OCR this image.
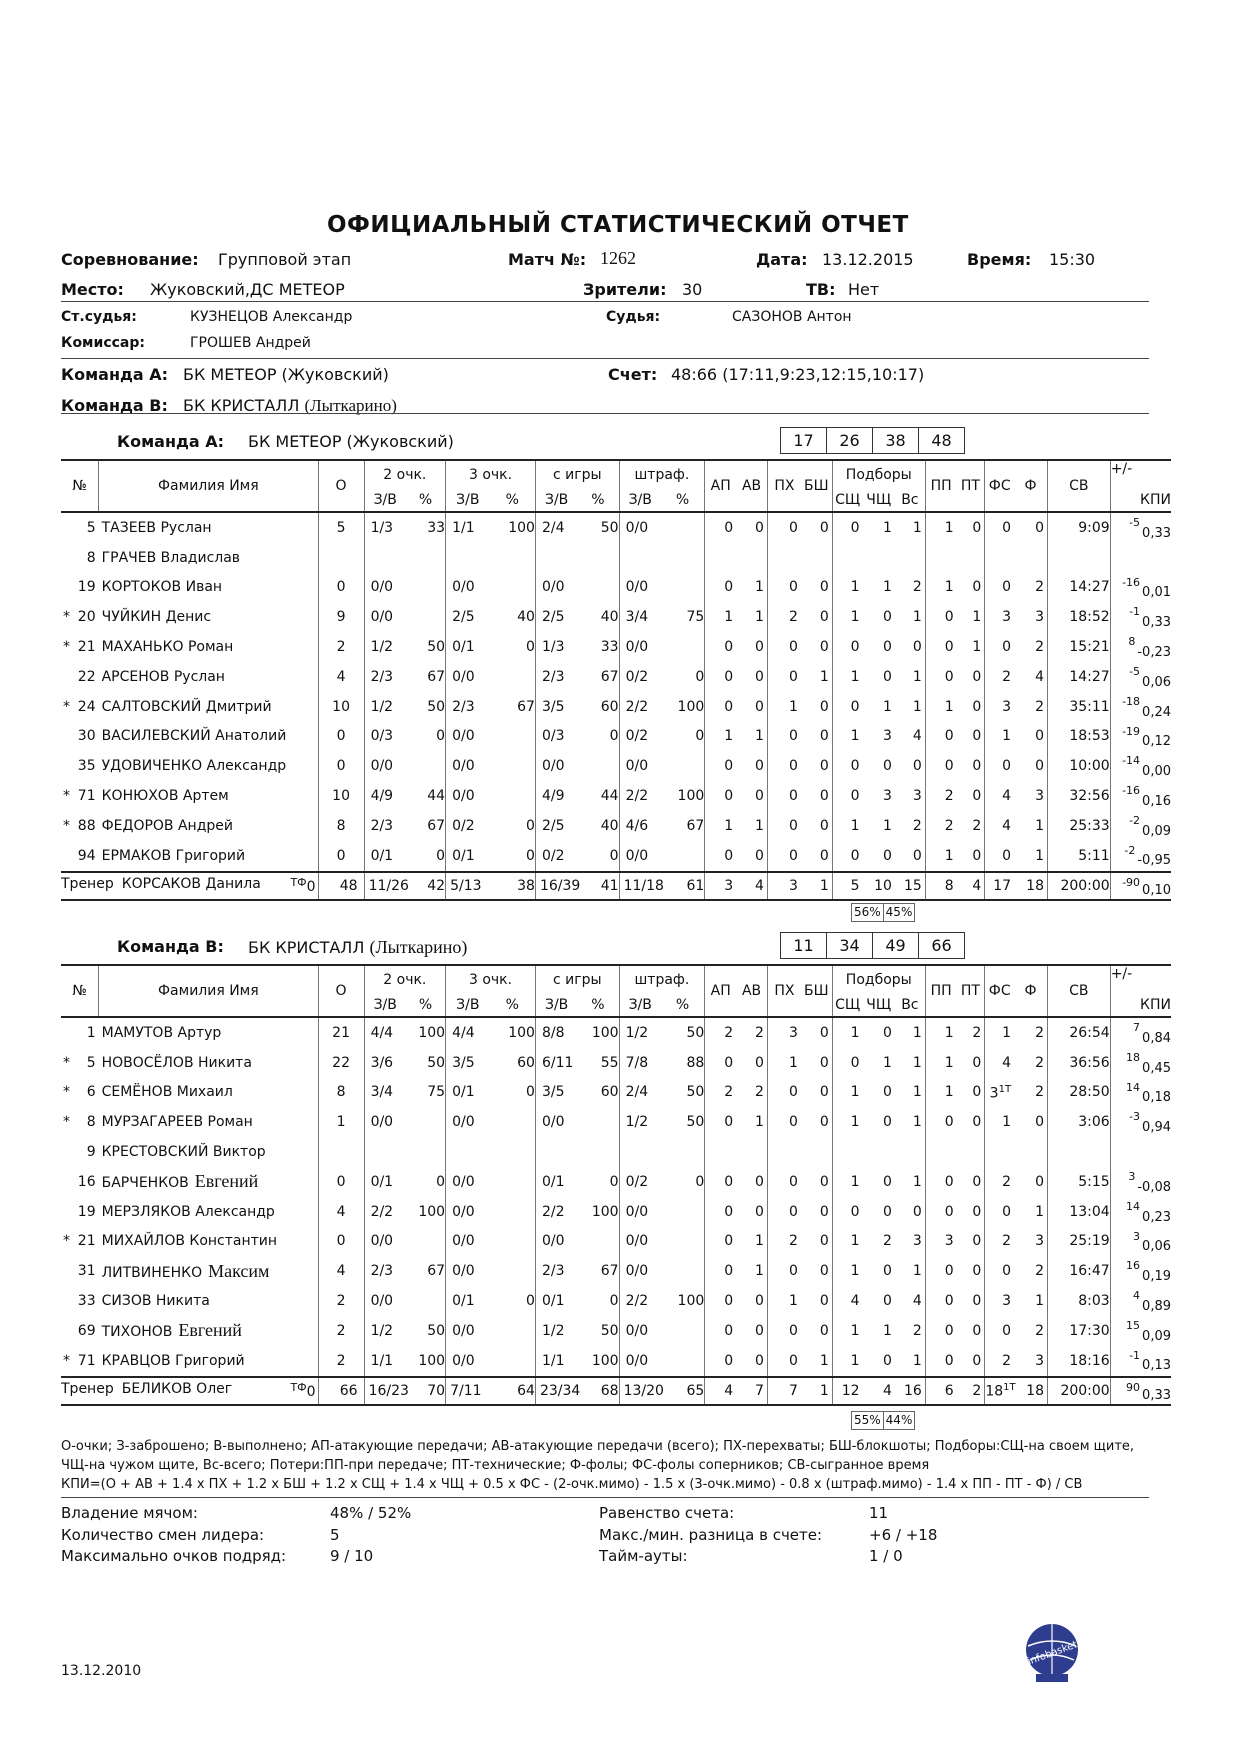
ОФИЦИАЛЬНЫЙ СТАТИСТИЧЕСКИЙ ОТЧЕТ
Соревнование: Групповой этап	Матч №: 1262	Дата: 13.12.2015	Время: 15:30
Место: Жуковский,ДС МЕТЕОР	Зрители: 30	ТВ: Нет
Ст.судья:	КУЗНЕЦОВ Александр	Судья:	САЗОНОВ Антон
Комиссар:	ГРОШЕВ Андрей
Команда А: БК МЕТЕОР (Жуковский)	Счет: 48:66 (17:11,9:23,12:15,10:17)
Команда В: БК КРИСТАЛЛ (Лыткарино)
Команда А: БК МЕТЕОР (Жуковский)	17	26	38	48
№	Фамилия Имя	О	2 очк.		3 очк.		с игры		штраф.		АП	АВ	ПХ	БШ	Подборы			ПП	ПТ	ФС	Ф	СВ	+/-
			З/В	%	З/В	%	З/В	%	З/В	%					СЩ	ЧЩ	Вс						КПИ

5	ТАЗЕЕВ Руслан	5	1/3	33	1/1	100	2/4	50	0/0		0	0	0	0	0	1	1	1	0	0	0	9:09	$^{-5}$0,33

8	ГРАЧЕВ Владислав																						

19	КОРТОКОВ Иван	0	0/0		0/0		0/0		0/0		0	1	0	0	1	1	2	1	0	0	2	14:27	$^{-16}$0,01

* 20	ЧУЙКИН Денис	9	0/0		2/5	40	2/5	40	3/4	75	1	1	2	0	1	0	1	0	1	3	3	18:52	$^{-1}$0,33

* 21	МАХАНЬКО Роман	2	1/2	50	0/1	0	1/3	33	0/0		0	0	0	0	0	0	0	0	1	0	2	15:21	$^8$-0,23

22	АРСЕНОВ Руслан	4	2/3	67	0/0		2/3	67	0/2	0	0	0	0	1	1	0	1	0	0	2	4	14:27	$^{-5}$0,06

* 24	САЛТОВСКИЙ Дмитрий	10	1/2	50	2/3	67	3/5	60	2/2	100	0	0	1	0	0	1	1	1	0	3	2	35:11	$^{-18}$0,24

30	ВАСИЛЕВСКИЙ Анатолий	0	0/3	0	0/0		0/3	0	0/2	0	1	1	0	0	1	3	4	0	0	1	0	18:53	$^{-19}$0,12

35	УДОВИЧЕНКО Александр	0	0/0		0/0		0/0		0/0		0	0	0	0	0	0	0	0	0	0	0	10:00	$^{-14}$0,00

* 71	КОНЮХОВ Артем	10	4/9	44	0/0		4/9	44	2/2	100	0	0	0	0	0	3	3	2	0	4	3	32:56	$^{-16}$0,16

* 88	ФЕДОРОВ Андрей	8	2/3	67	0/2	0	2/5	40	4/6	67	1	1	0	0	1	1	2	2	2	4	1	25:33	$^{-2}$0,09

94	ЕРМАКОВ Григорий	0	0/1	0	0/1	0	0/2	0	0/0		0	0	0	0	0	0	0	1	0	0	1	5:11	$^{-2}$-0,95
Тренер КОРСАКОВ Данила $^{ТФ}$0		48	11/26	42	5/13	38	16/39	41	11/18	61	3	4	3	1	5	10	15	8	4	17	18	200:00	$^{-90}$0,10
56% 45%
Команда В: БК КРИСТАЛЛ (Лыткарино)	11	34	49	66
№	Фамилия Имя	О	2 очк.		3 очк.		с игры		штраф.		АП	АВ	ПХ	БШ	Подборы			ПП	ПТ	ФС	Ф	СВ	+/-
			З/В	%	З/В	%	З/В	%	З/В	%					СЩ	ЧЩ	Вс						КПИ

1	МАМУТОВ Артур	21	4/4	100	4/4	100	8/8	100	1/2	50	2	2	3	0	1	0	1	1	2	1	2	26:54	$^7$0,84

* 5	НОВОСЁЛОВ Никита	22	3/6	50	3/5	60	6/11	55	7/8	88	0	0	1	0	0	1	1	1	0	4	2	36:56	$^{18}$0,45

* 6	СЕМЁНОВ Михаил	8	3/4	75	0/1	0	3/5	60	2/4	50	2	2	0	0	1	0	1	1	0	$3^{1T}$	2	28:50	$^{14}$0,18

* 8	МУРЗАГАРЕЕВ Роман	1	0/0		0/0		0/0		1/2	50	0	1	0	0	1	0	1	0	0	1	0	3:06	$^{-3}$0,94

9	КРЕСТОВСКИЙ Виктор																						

16	БАРЧЕНКОВ Евгений	0	0/1	0	0/0		0/1	0	0/2	0	0	0	0	0	1	0	1	0	0	2	0	5:15	$^3$-0,08

19	МЕРЗЛЯКОВ Александр	4	2/2	100	0/0		2/2	100	0/0		0	0	0	0	0	0	0	0	0	0	1	13:04	$^{14}$0,23

* 21	МИХАЙЛОВ Константин	0	0/0		0/0		0/0		0/0		0	1	2	0	1	2	3	3	0	2	3	25:19	$^3$0,06

31	ЛИТВИНЕНКО Максим	4	2/3	67	0/0		2/3	67	0/0		0	1	0	0	1	0	1	0	0	0	2	16:47	$^{16}$0,19

33	СИЗОВ Никита	2	0/0		0/1	0	0/1	0	2/2	100	0	0	1	0	4	0	4	0	0	3	1	8:03	$^4$0,89

69	ТИХОНОВ Евгений	2	1/2	50	0/0		1/2	50	0/0		0	0	0	0	1	1	2	0	0	0	2	17:30	$^{15}$0,09

* 71	КРАВЦОВ Григорий	2	1/1	100	0/0		1/1	100	0/0		0	0	0	1	1	0	1	0	0	2	3	18:16	$^{-1}$0,13
Тренер БЕЛИКОВ Олег $^{ТФ}$0		66	16/23	70	7/11	64	23/34	68	13/20	65	4	7	7	1	12	4	16	6	2	$18^{1T}$	18	200:00	$^{90}$0,33
55% 44%
О-очки; З-заброшено; В-выполнено; АП-атакующие передачи; АВ-атакующие передачи (всего); ПХ-перехваты; БШ-блокшоты; Подборы:СЩ-на своем щите,
ЧЩ-на чужом щите, Вс-всего; Потери:ПП-при передаче; ПТ-технические; Ф-фолы; ФС-фолы соперников; СВ-сыгранное время
КПИ=(О + АВ + 1.4 x ПХ + 1.2 x БШ + 1.2 x СЩ + 1.4 x ЧЩ + 0.5 x ФС - (2-очк.мимо) - 1.5 x (3-очк.мимо) - 0.8 x (штраф.мимо) - 1.4 x ПП - ПТ - Ф) / СВ
Владение мячом:	48% / 52%
Количество смен лидера:	5
Максимально очков подряд:	9 / 10
Равенство счета:	11
Макс./мин. разница в счете:	+6 / +18
Тайм-ауты:	1 / 0
13.12.2010
infobasket
